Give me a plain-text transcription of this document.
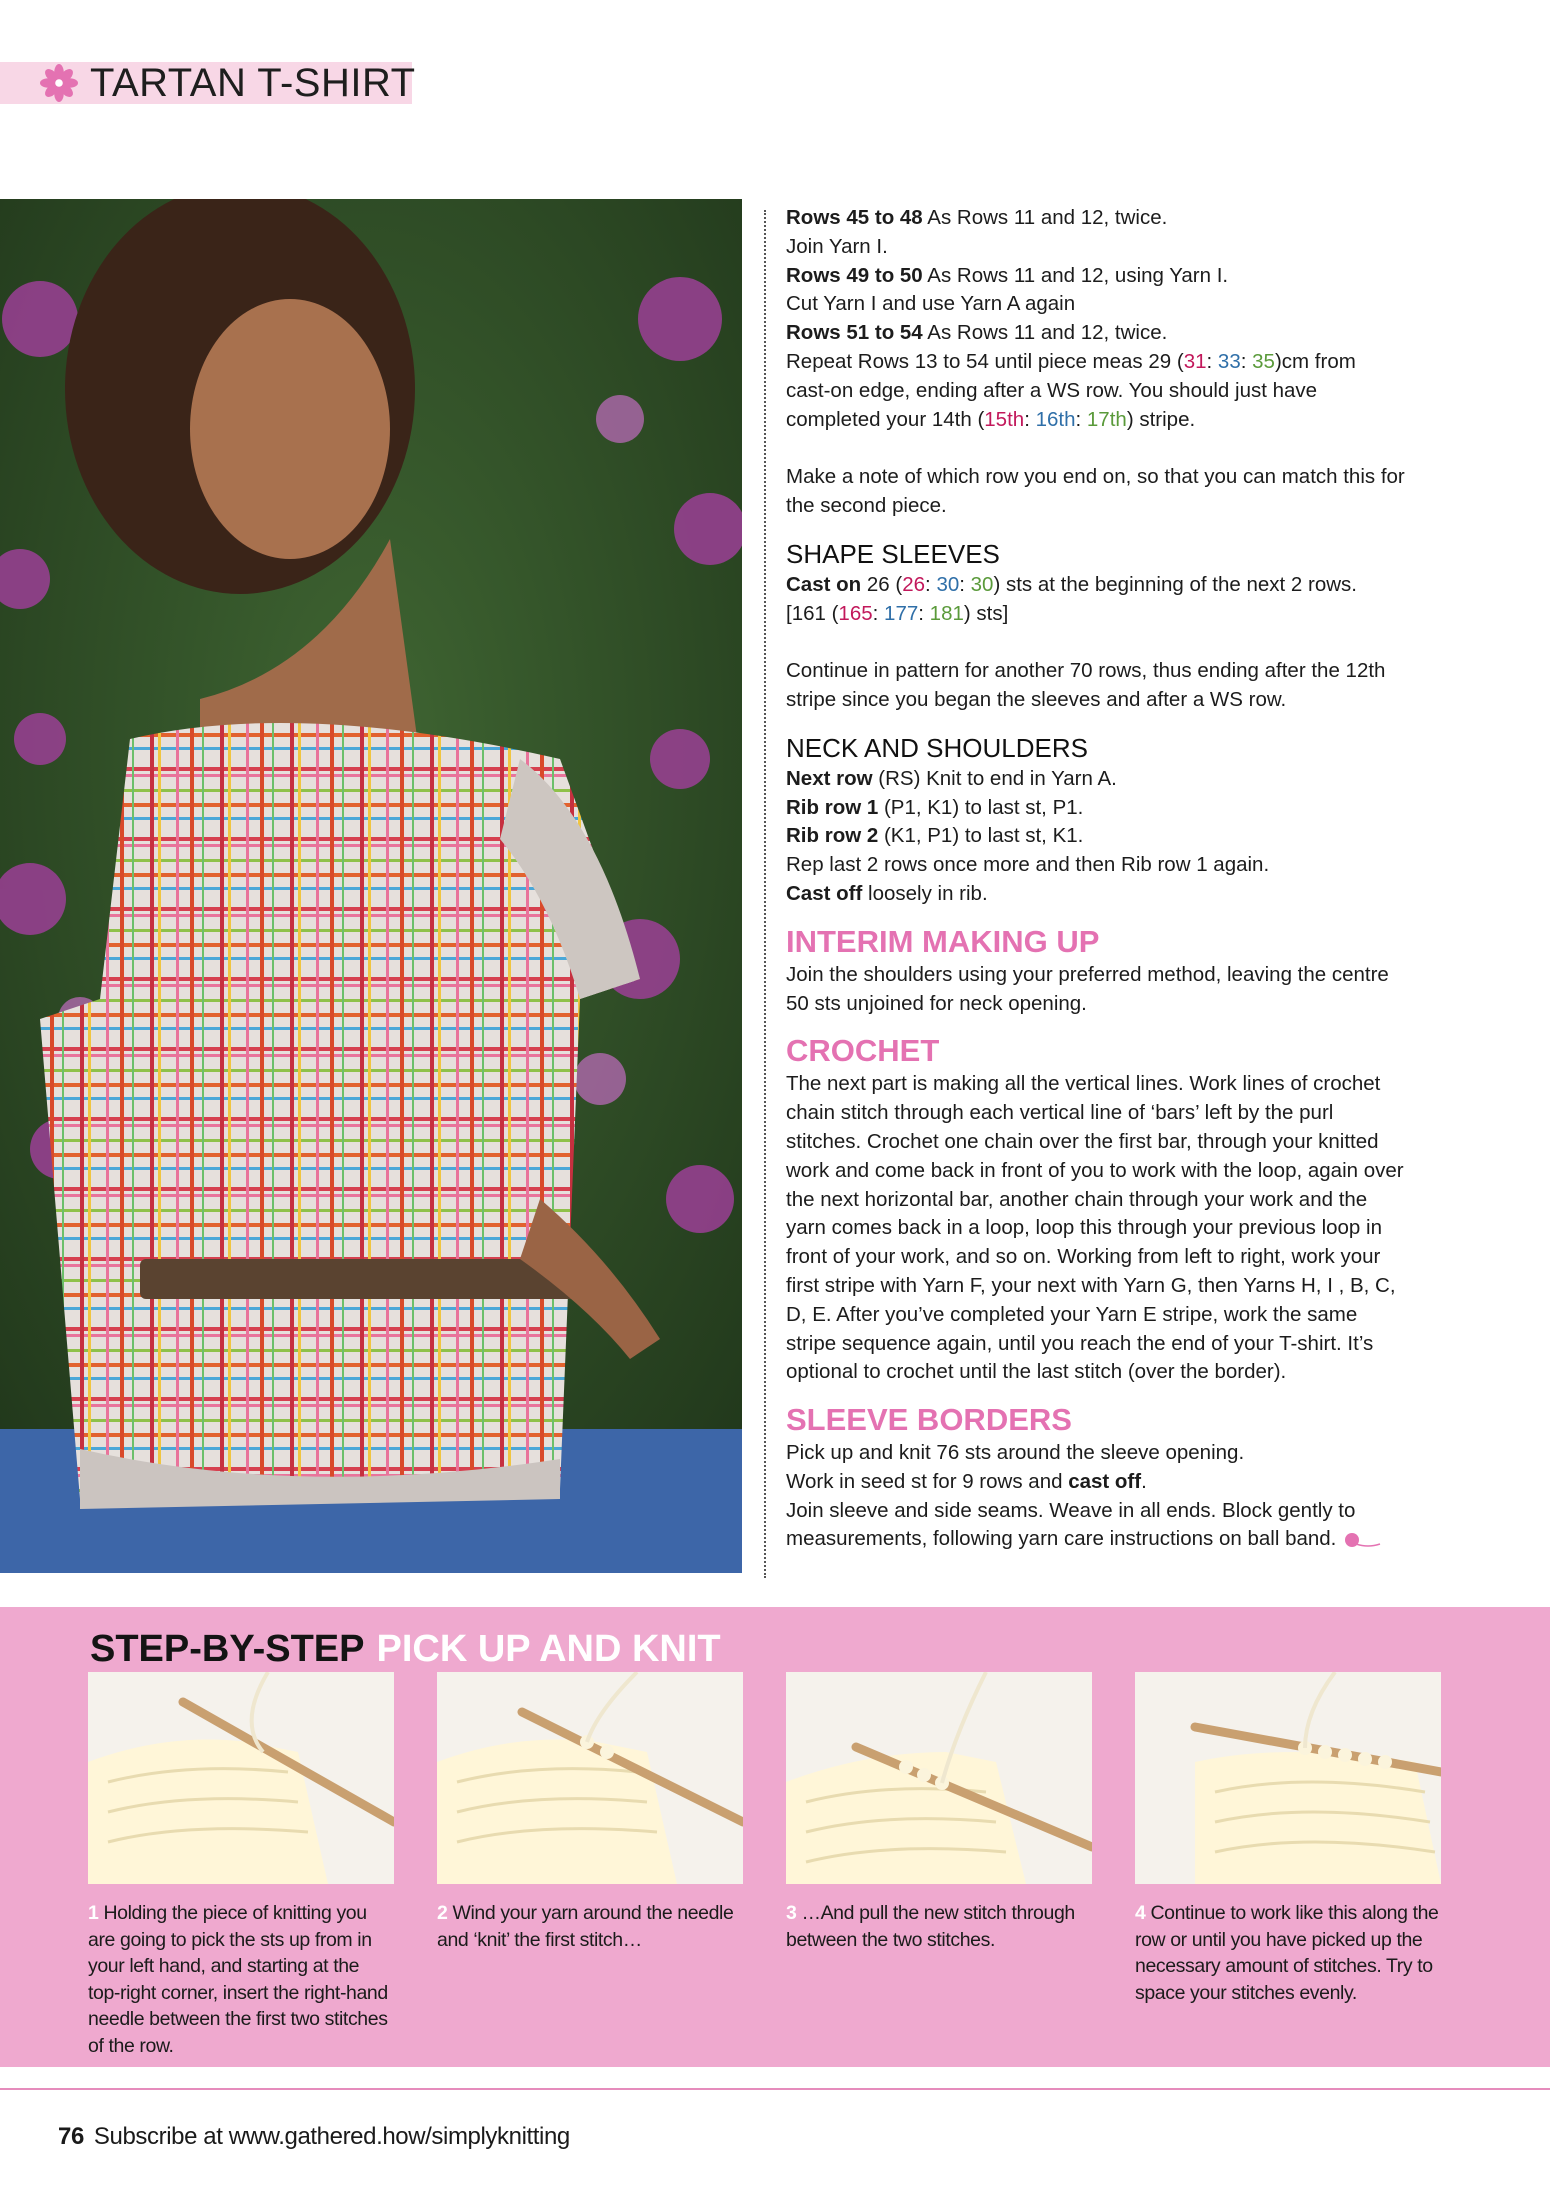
TARTAN T-SHIRT

Rows 45 to 48 As Rows 11 and 12, twice.

Join Yarn I.

Rows 49 to 50 As Rows 11 and 12, using Yarn I.

Cut Yarn I and use Yarn A again

Rows 51 to 54 As Rows 11 and 12, twice.

Repeat Rows 13 to 54 until piece meas 29 (31: 33: 35)cm from

cast-on edge, ending after a WS row. You should just have

completed your 14th (15th: 16th: 17th) stripe.

Make a note of which row you end on, so that you can match this for

the second piece.

SHAPE SLEEVES

Cast on 26 (26: 30: 30) sts at the beginning of the next 2 rows.

[161 (165: 177: 181) sts]

Continue in pattern for another 70 rows, thus ending after the 12th

stripe since you began the sleeves and after a WS row.

NECK AND SHOULDERS

Next row (RS) Knit to end in Yarn A.

Rib row 1 (P1, K1) to last st, P1.

Rib row 2 (K1, P1) to last st, K1.

Rep last 2 rows once more and then Rib row 1 again.

Cast off loosely in rib.

INTERIM MAKING UP

Join the shoulders using your preferred method, leaving the centre

50 sts unjoined for neck opening.

CROCHET

The next part is making all the vertical lines. Work lines of crochet

chain stitch through each vertical line of ‘bars’ left by the purl

stitches. Crochet one chain over the first bar, through your knitted

work and come back in front of you to work with the loop, again over

the next horizontal bar, another chain through your work and the

yarn comes back in a loop, loop this through your previous loop in

front of your work, and so on. Working from left to right, work your

first stripe with Yarn F, your next with Yarn G, then Yarns H, I , B, C,

D, E. After you’ve completed your Yarn E stripe, work the same

stripe sequence again, until you reach the end of your T-shirt. It’s

optional to crochet until the last stitch (over the border).

SLEEVE BORDERS

Pick up and knit 76 sts around the sleeve opening.

Work in seed st for 9 rows and cast off.

Join sleeve and side seams. Weave in all ends. Block gently to

measurements, following yarn care instructions on ball band.

STEP-BY-STEP PICK UP AND KNIT
1 Holding the piece of knitting you are going to pick the sts up from in your left hand, and starting at the top-right corner, insert the right-hand needle between the first two stitches of the row.
2 Wind your yarn around the needle and ‘knit’ the first stitch…
3 …And pull the new stitch through between the two stitches.
4 Continue to work like this along the row or until you have picked up the necessary amount of stitches. Try to space your stitches evenly.
76 Subscribe at www.gathered.how/simplyknitting
